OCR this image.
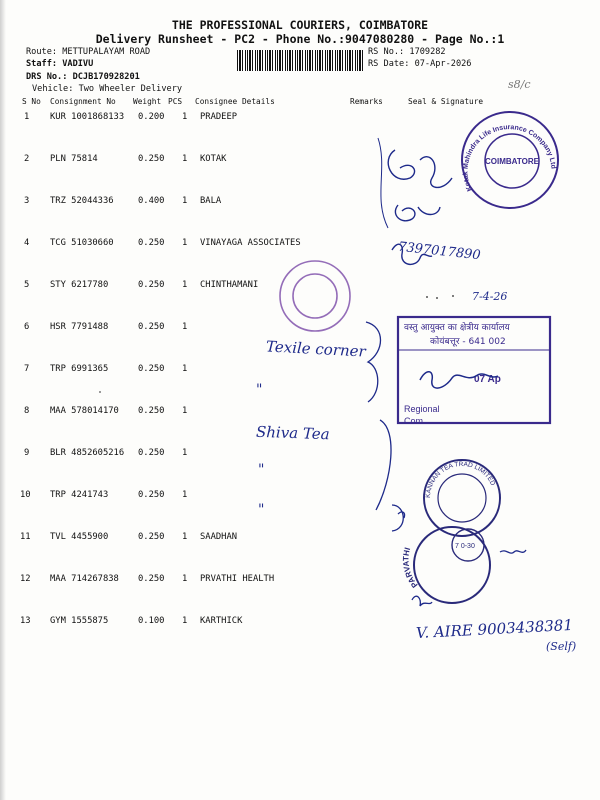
THE PROFESSIONAL COURIERS, COIMBATORE
Delivery Runsheet - PC2 - Phone No.:9047080280 - Page No.:1
Route: METTUPALAYAM ROAD
Staff: VADIVU
DRS No.: DCJB170928201
Vehicle: Two Wheeler Delivery
RS No.: 1709282
RS Date: 07-Apr-2026
s8/c
S No Consignment No Weight PCS Consignee Details	Remarks	Seal & Signature
1 KUR 1001868133 0.200 1 PRADEEP
2 PLN 75814	0.250 1 KOTAK
3 TRZ 52044336	0.400 1 BALA
4 TCG 51030660	0.250 1 VINAYAGA ASSOCIATES
5 STY 6217780	0.250 1 CHINTHAMANI
6 HSR 7791488	0.250 1
7 TRP 6991365	0.250 1
8 MAA 578014170 0.250 1
9 BLR 4852605216 0.250 1
10 TRP 4241743	0.250 1
11 TVL 4455900	0.250 1 SAADHAN
12 MAA 714267838 0.250 1 PRVATHI HEALTH
13 GYM 1555875	0.100 1 KARTHICK
Texile corner
"
Shiva Tea
"
"
7397017890
7-4-26
V. AIRE 9003438381
(Self)
COIMBATORE
Kotak Mahindra Life Insurance Company Ltd
वस्तु आयुक्त का क्षेत्रीय कार्यालय
कोयंबत्तूर - 641 002
07 Ap
Regional
Com
KANNAN TEA TRAD LIMITED
PARVATHI	7 0-30
